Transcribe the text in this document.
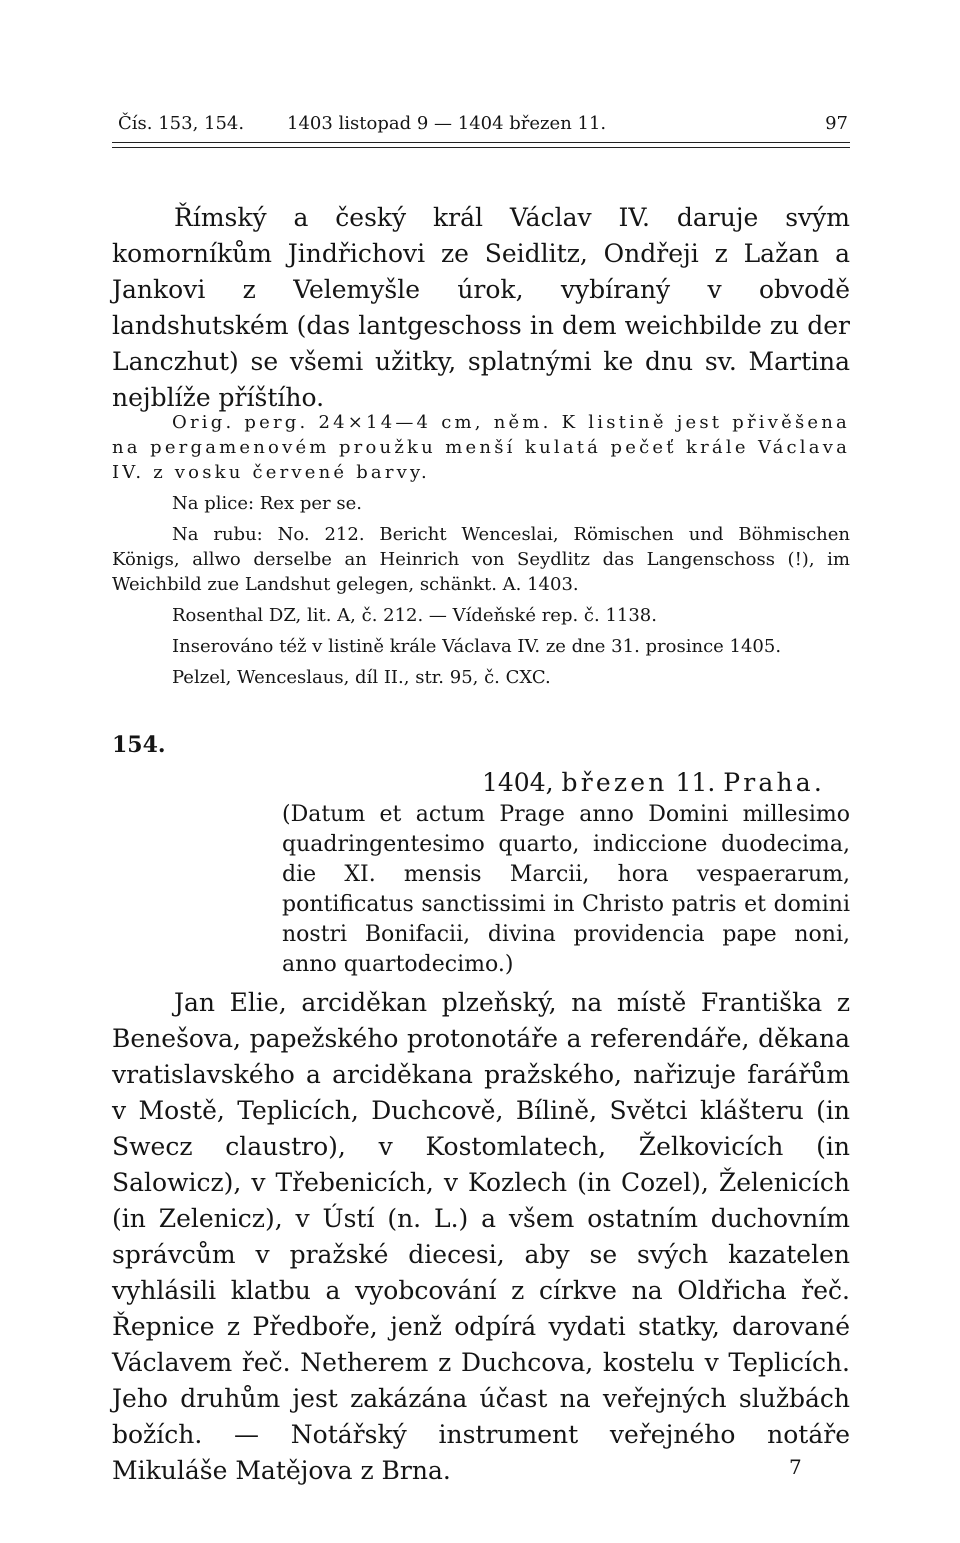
Čís. 153, 154. 1403 listopad 9 — 1404 březen 11.	97

Římský a český král Václav IV. daruje svým komorníkům Jindřichovi ze Seidlitz, Ondřeji z Lažan a Jankovi z Velemyšle úrok, vybíraný v obvodě landshutském (das lantgeschoss in dem weichbilde zu der Lanczhut) se všemi užitky, splatnými ke dnu sv. Martina nejblíže příštího.

Orig. perg. 24×14—4 cm, něm. K listině jest přivěšena na pergamenovém proužku menší kulatá pečeť krále Václava IV. z vosku červené barvy.

Na plice: Rex per se.

Na rubu: No. 212. Bericht Wenceslai, Römischen und Böhmischen Königs, allwo derselbe an Heinrich von Seydlitz das Langenschoss (!), im Weichbild zue Landshut gelegen, schänkt. A. 1403.

Rosenthal DZ, lit. A, č. 212. — Vídeňské rep. č. 1138.

Inserováno též v listině krále Václava IV. ze dne 31. prosince 1405.

Pelzel, Wenceslaus, díl II., str. 95, č. CXC.

154.
1404, březen 11. Praha.

(Datum et actum Prage anno Domini millesimo quadringentesimo quarto, indiccione duodecima, die XI. mensis Marcii, hora vespaerarum, pontificatus sanctissimi in Christo patris et domini nostri Bonifacii, divina providencia pape noni, anno quartodecimo.)

Jan Elie, arciděkan plzeňský, na místě Františka z Benešova, papežského protonotáře a referendáře, děkana vratislavského a arciděkana pražského, nařizuje farářům v Mostě, Teplicích, Duchcově, Bílině, Světci klášteru (in Swecz claustro), v Kostomlatech, Želkovicích (in Salowicz), v Třebenicích, v Kozlech (in Cozel), Želenicích (in Zelenicz), v Ústí (n. L.) a všem ostatním duchovním správcům v pražské diecesi, aby se svých kazatelen vyhlásili klatbu a vyobcování z církve na Oldřicha řeč. Řepnice z Předboře, jenž odpírá vydati statky, darované Václavem řeč. Netherem z Duchcova, kostelu v Teplicích. Jeho druhům jest zakázána účast na veřejných službách božích. — Notářský instrument veřejného notáře Mikuláše Matějova z Brna.	7
